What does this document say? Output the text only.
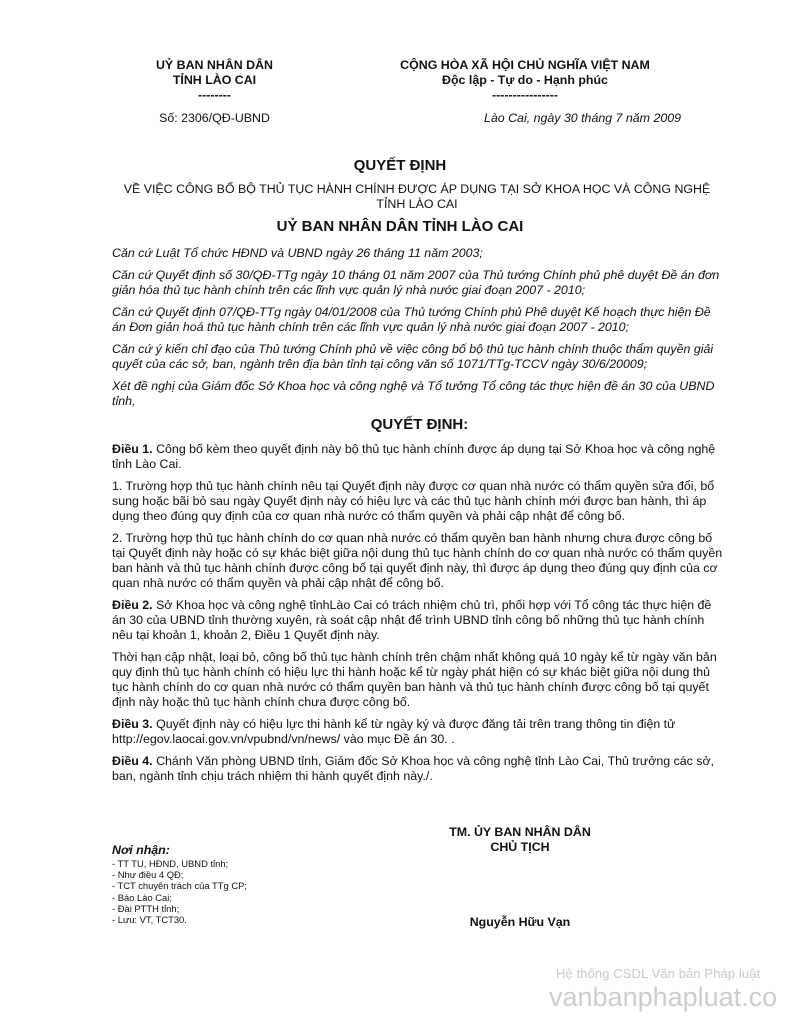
UỶ BAN NHÂN DÂN
TỈNH LÀO CAI
--------
CỘNG HÒA XÃ HỘI CHỦ NGHĨA VIỆT NAM
Độc lập - Tự do - Hạnh phúc
----------------
Số: 2306/QĐ-UBND	Lào Cai, ngày 30 tháng 7 năm 2009
QUYẾT ĐỊNH
VỀ VIỆC CÔNG BỐ BỘ THỦ TỤC HÀNH CHÍNH ĐƯỢC ÁP DỤNG TẠI SỞ KHOA HỌC VÀ CÔNG NGHỆ TỈNH LÀO CAI
UỶ BAN NHÂN DÂN TỈNH LÀO CAI

Căn cứ Luật Tổ chức HĐND và UBND ngày 26 tháng 11 năm 2003;

Căn cứ Quyết định số 30/QĐ-TTg ngày 10 tháng 01 năm 2007 của Thủ tướng Chính phủ phê duyệt Đề án đơn giản hóa thủ tục hành chính trên các lĩnh vực quản lý nhà nước giai đoạn 2007 - 2010;

Căn cứ Quyết định 07/QĐ-TTg ngày 04/01/2008 của Thủ tướng Chính phủ Phê duyệt Kế hoạch thực hiện Đề án Đơn giản hoá thủ tục hành chính trên các lĩnh vực quản lý nhà nước giai đoạn 2007 - 2010;

Căn cứ ý kiến chỉ đạo của Thủ tướng Chính phủ về việc công bố bộ thủ tục hành chính thuộc thẩm quyền giải quyết của các sở, ban, ngành trên địa bàn tỉnh tại công văn số 1071/TTg-TCCV ngày 30/6/20009;

Xét đề nghị của Giám đốc Sở Khoa học và công nghệ và Tổ tưởng Tổ công tác thực hiện đề án 30 của UBND tỉnh,

QUYẾT ĐỊNH:

Điều 1. Công bố kèm theo quyết định này bộ thủ tục hành chính được áp dụng tại Sở Khoa học và công nghệ tỉnh Lào Cai.

1. Trường hợp thủ tục hành chính nêu tại Quyết định này được cơ quan nhà nước có thẩm quyền sửa đổi, bổ sung hoặc bãi bỏ sau ngày Quyết định này có hiệu lực và các thủ tục hành chính mới được ban hành, thì áp dụng theo đúng quy định của cơ quan nhà nước có thẩm quyền và phải cập nhật để công bố.

2. Trường hợp thủ tục hành chính do cơ quan nhà nước có thẩm quyền ban hành nhưng chưa được công bố tại Quyết định này hoặc có sự khác biệt giữa nội dung thủ tục hành chính do cơ quan nhà nước có thẩm quyền ban hành và thủ tục hành chính được công bố tại quyết định này, thì được áp dụng theo đúng quy định của cơ quan nhà nước có thẩm quyền và phải cập nhật để công bố.

Điều 2. Sở Khoa học và công nghệ tỉnhLào Cai có trách nhiệm chủ trì, phối hợp với Tổ công tác thực hiện đề án 30 của UBND tỉnh thường xuyên, rà soát cập nhật để trình UBND tỉnh công bố những thủ tục hành chính nêu tại khoản 1, khoản 2, Điều 1 Quyết định này.

Thời hạn cập nhật, loại bỏ, công bố thủ tục hành chính trên chậm nhất không quá 10 ngày kể từ ngày văn bản quy định thủ tục hành chính có hiệu lực thi hành hoặc kể từ ngày phát hiện có sự khác biệt giữa nội dung thủ tục hành chính do cơ quan nhà nước có thẩm quyền ban hành và thủ tục hành chính được công bố tại quyết định này hoặc thủ tục hành chính chưa được công bố.

Điều 3. Quyết định này có hiệu lực thi hành kể từ ngày ký và được đăng tải trên trang thông tin điện tử http://egov.laocai.gov.vn/vpubnd/vn/news/ vào mục Đề án 30. .

Điều 4. Chánh Văn phòng UBND tỉnh, Giám đốc Sở Khoa học và công nghệ tỉnh Lào Cai, Thủ trưởng các sở, ban, ngành tỉnh chịu trách nhiệm thi hành quyết định này./.

TM. ỦY BAN NHÂN DÂN
CHỦ TỊCH
Nguyễn Hữu Vạn
Nơi nhận:
- TT TU, HĐND, UBND tỉnh;
- Như điều 4 QĐ;
- TCT chuyên trách của TTg CP;
- Báo Lào Cai;
- Đài PTTH tỉnh;
- Lưu: VT, TCT30.
Hệ thống CSDL Văn bản Pháp luật
vanbanphapluat.co
